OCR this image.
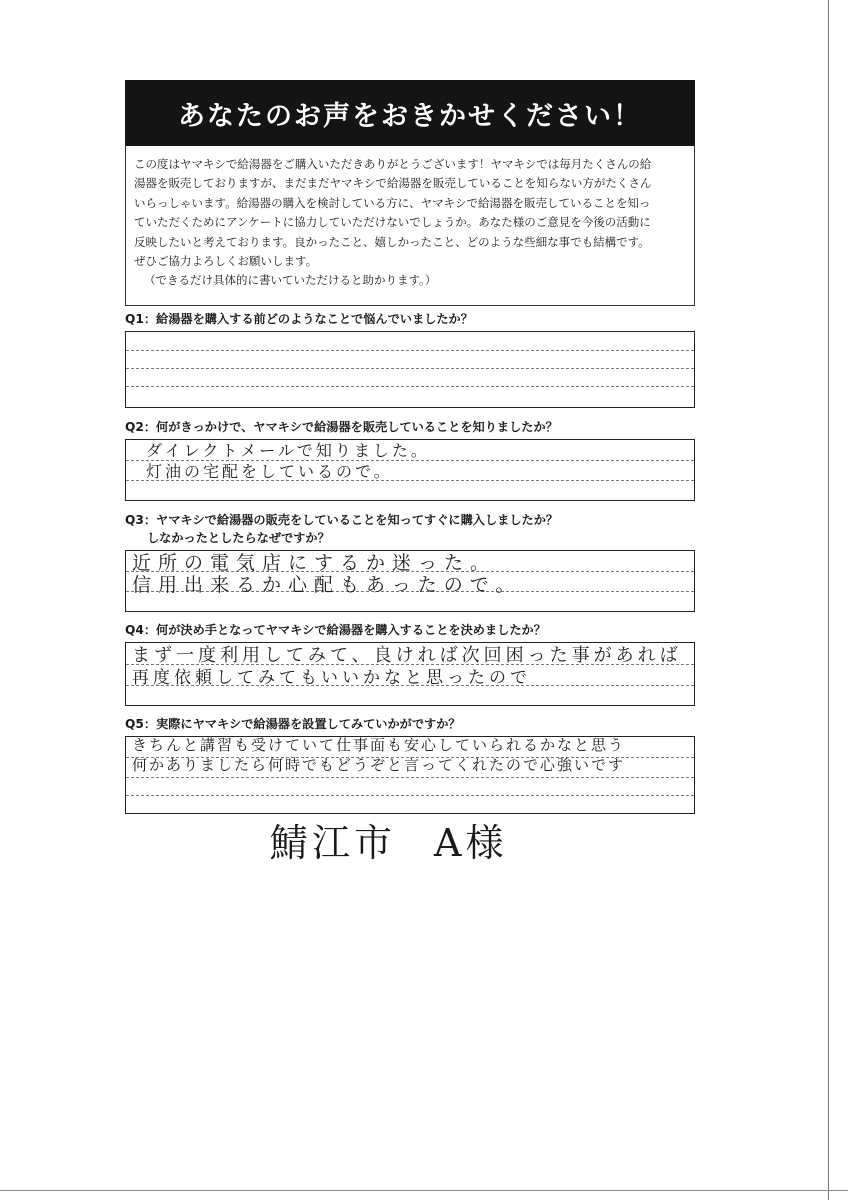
あなたのお声をおきかせください！

この度はヤマキシで給湯器をご購入いただきありがとうございます！ヤマキシでは毎月たくさんの給

湯器を販売しておりますが、まだまだヤマキシで給湯器を販売していることを知らない方がたくさん

いらっしゃいます。給湯器の購入を検討している方に、ヤマキシで給湯器を販売していることを知っ

ていただくためにアンケートに協力していただけないでしょうか。あなた様のご意見を今後の活動に

反映したいと考えております。良かったこと、嬉しかったこと、どのような些細な事でも結構です。

ぜひご協力よろしくお願いします。

（できるだけ具体的に書いていただけると助かります。）

Q1：給湯器を購入する前どのようなことで悩んでいましたか？

Q2：何がきっかけで、ヤマキシで給湯器を販売していることを知りましたか？

ダイレクトメールで知りました。
灯油の宅配をしているので。

Q3：ヤマキシで給湯器の販売をしていることを知ってすぐに購入しましたか？

しなかったとしたらなぜですか？

近所の電気店にするか迷った。
信用出来るか心配もあったので。

Q4：何が決め手となってヤマキシで給湯器を購入することを決めましたか？

まず一度利用してみて、良ければ次回困った事があれば
再度依頼してみてもいいかなと思ったので

Q5：実際にヤマキシで給湯器を設置してみていかがですか？

きちんと講習も受けていて仕事面も安心していられるかなと思う
何かありましたら何時でもどうぞと言ってくれたので心強いです
鯖江市 A様
